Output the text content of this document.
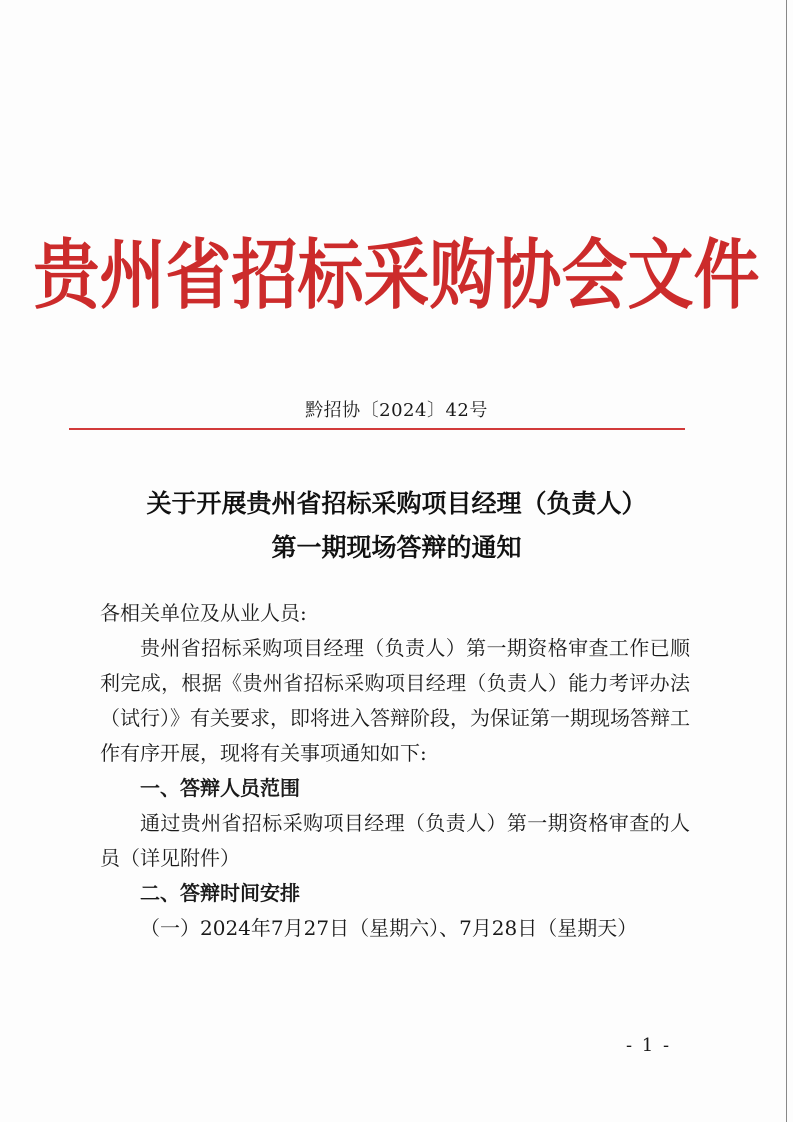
贵州省招标采购协会文件
黔招协〔2024〕42号
关于开展贵州省招标采购项目经理（负责人）
第一期现场答辩的通知

各相关单位及从业人员:

贵州省招标采购项目经理（负责人）第一期资格审查工作已顺利完成，根据《贵州省招标采购项目经理（负责人）能力考评办法（试行）》有关要求，即将进入答辩阶段，为保证第一期现场答辩工作有序开展，现将有关事项通知如下:

一、答辩人员范围

通过贵州省招标采购项目经理（负责人）第一期资格审查的人员（详见附件）

二、答辩时间安排

（一）2024年7月27日（星期六）、7月28日（星期天）

- 1 -
